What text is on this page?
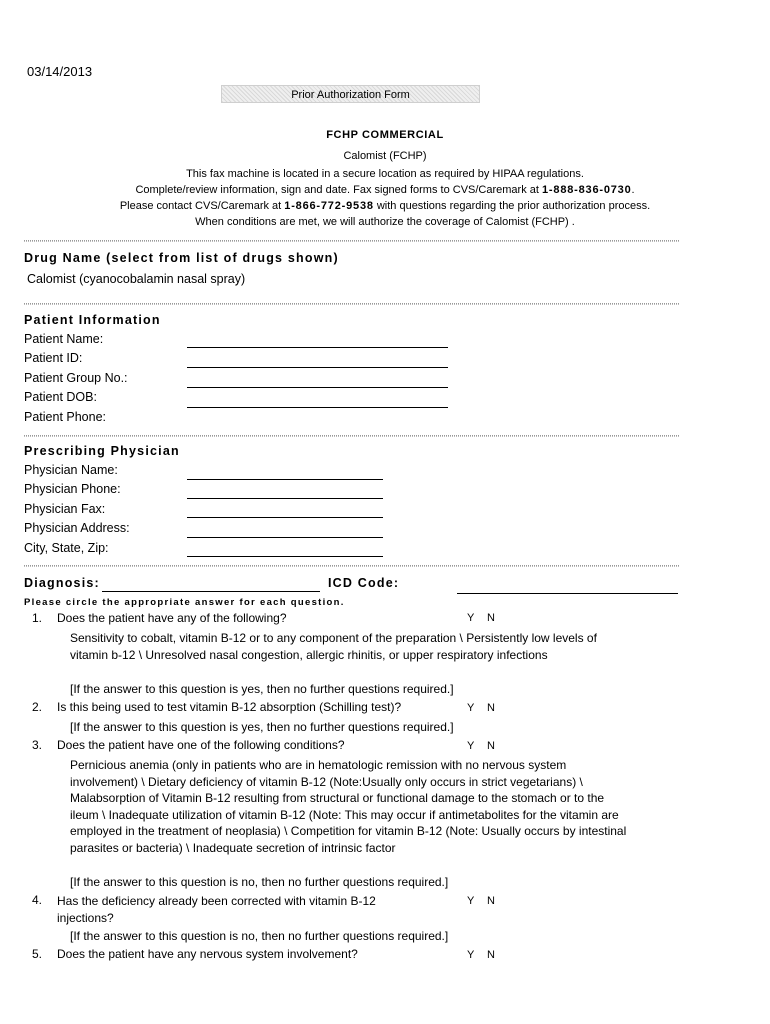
03/14/2013
Prior Authorization Form
FCHP COMMERCIAL
Calomist (FCHP)
This fax machine is located in a secure location as required by HIPAA regulations.
Complete/review information, sign and date. Fax signed forms to CVS/Caremark at 1-888-836-0730.
Please contact CVS/Caremark at 1-866-772-9538 with questions regarding the prior authorization process.
When conditions are met, we will authorize the coverage of Calomist (FCHP) .
Drug Name (select from list of drugs shown)
Calomist (cyanocobalamin nasal spray)
Patient Information
Patient Name:
Patient ID:
Patient Group No.:
Patient DOB:
Patient Phone:
Prescribing Physician
Physician Name:
Physician Phone:
Physician Fax:
Physician Address:
City, State, Zip:
Diagnosis:	ICD Code:
Please circle the appropriate answer for each question.
1. Does the patient have any of the following?	Y N
Sensitivity to cobalt, vitamin B-12 or to any component of the preparation \ Persistently low levels of vitamin b-12 \ Unresolved nasal congestion, allergic rhinitis, or upper respiratory infections
[If the answer to this question is yes, then no further questions required.]
2. Is this being used to test vitamin B-12 absorption (Schilling test)?	Y N
[If the answer to this question is yes, then no further questions required.]
3. Does the patient have one of the following conditions?	Y N
Pernicious anemia (only in patients who are in hematologic remission with no nervous system involvement) \ Dietary deficiency of vitamin B-12 (Note:Usually only occurs in strict vegetarians) \ Malabsorption of Vitamin B-12 resulting from structural or functional damage to the stomach or to the ileum \ Inadequate utilization of vitamin B-12 (Note: This may occur if antimetabolites for the vitamin are employed in the treatment of neoplasia) \ Competition for vitamin B-12 (Note: Usually occurs by intestinal parasites or bacteria) \ Inadequate secretion of intrinsic factor
[If the answer to this question is no, then no further questions required.]
4. Has the deficiency already been corrected with vitamin B-12 injections?
Y N
[If the answer to this question is no, then no further questions required.]
5. Does the patient have any nervous system involvement?	Y N
